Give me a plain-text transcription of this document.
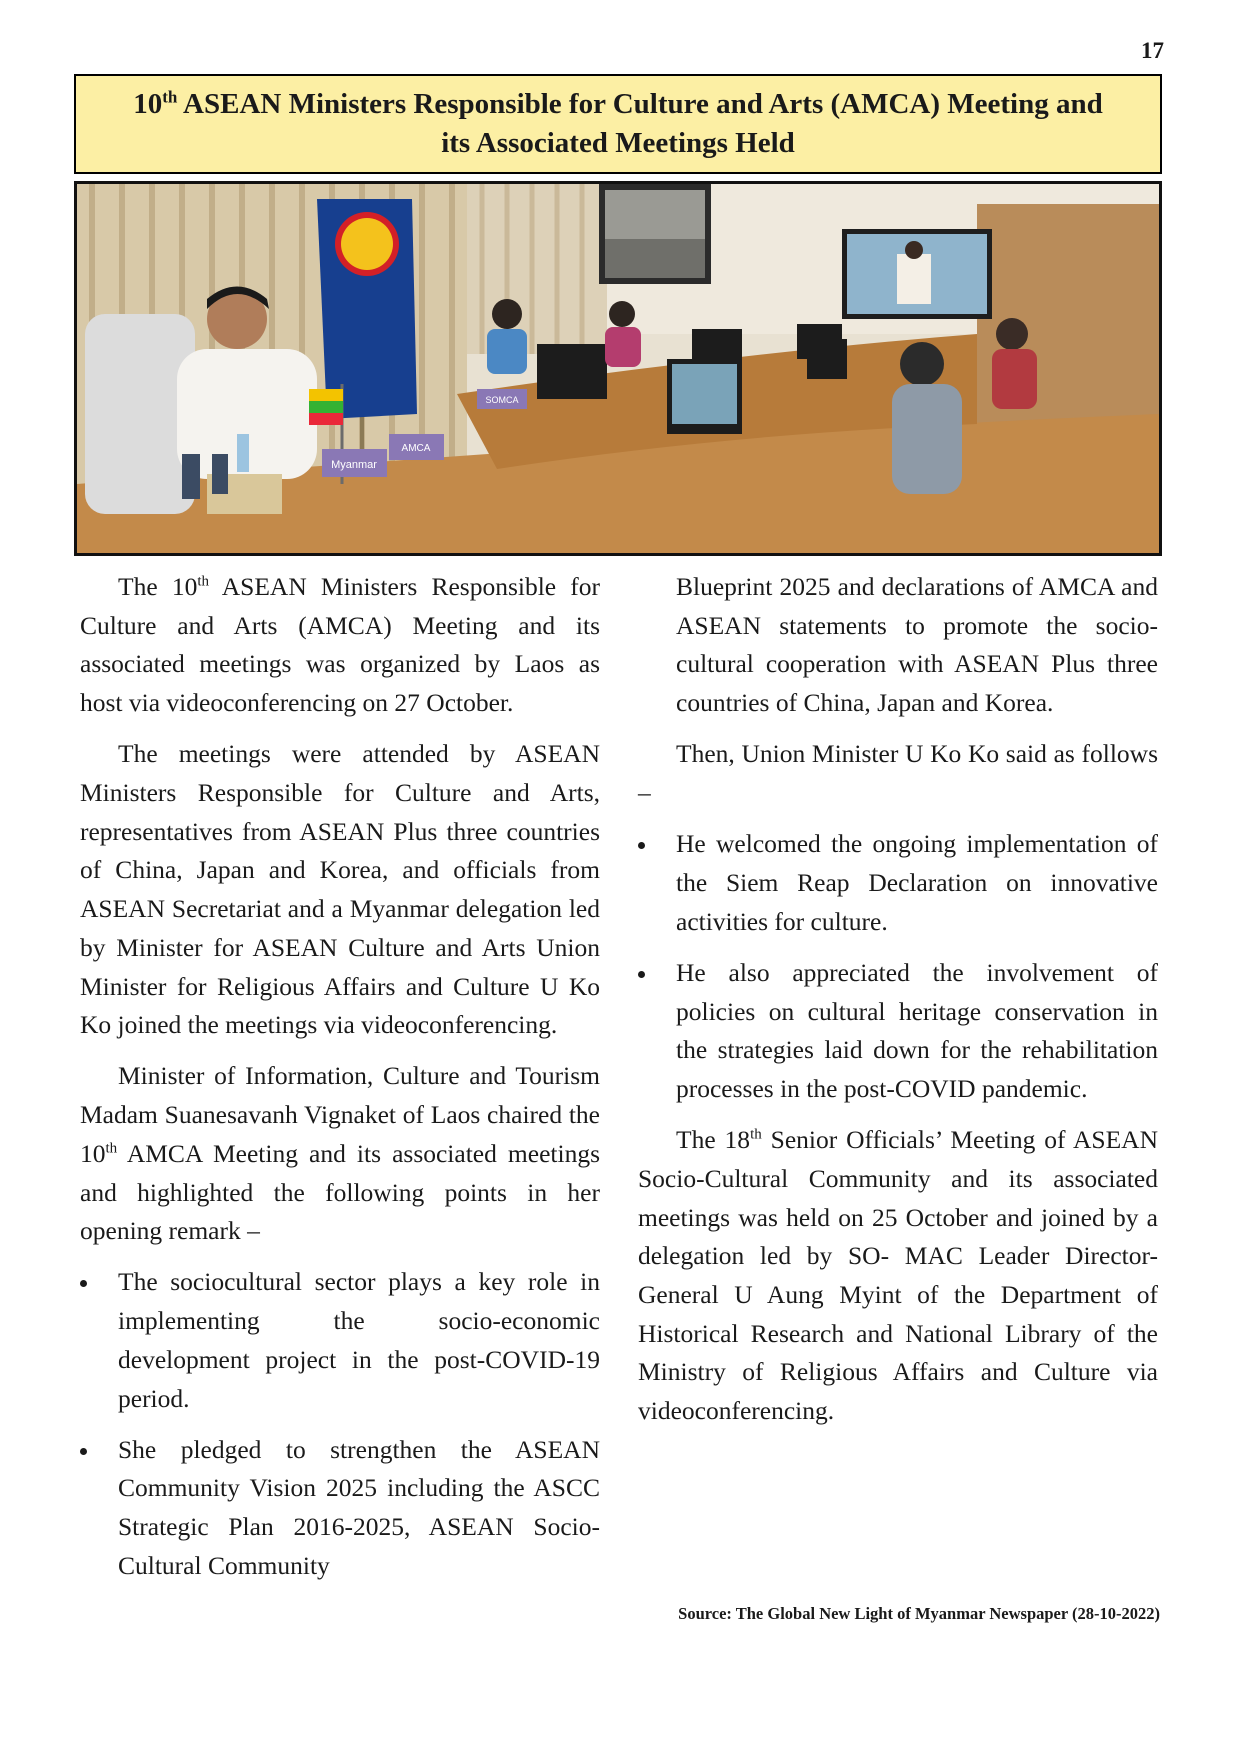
17
10th ASEAN Ministers Responsible for Culture and Arts (AMCA) Meeting and
its Associated Meetings Held
Myanmar
AMCA
SOMCA

The 10th ASEAN Ministers Responsible for Culture and Arts (AMCA) Meeting and its associated meetings was organized by Laos as host via videoconferencing on 27 October.

The meetings were attended by ASEAN Ministers Responsible for Culture and Arts, representatives from ASEAN Plus three countries of China, Japan and Korea, and officials from ASEAN Secretariat and a Myanmar delegation led by Minister for ASEAN Culture and Arts Union Minister for Religious Affairs and Culture U Ko Ko joined the meetings via videoconferencing.

Minister of Information, Culture and Tourism Madam Suanesavanh Vignaket of Laos chaired the 10th AMCA Meeting and its associated meetings and highlighted the following points in her opening remark –

The sociocultural sector plays a key role in implementing the socio-economic development project in the post-COVID-19 period.
She pledged to strengthen the ASEAN Community Vision 2025 including the ASCC Strategic Plan 2016-2025, ASEAN Socio-Cultural Community

Blueprint 2025 and declarations of AMCA and ASEAN statements to promote the socio-cultural cooperation with ASEAN Plus three countries of China, Japan and Korea.

Then, Union Minister U Ko Ko said as follows –

He welcomed the ongoing implementation of the Siem Reap Declaration on innovative activities for culture.
He also appreciated the involvement of policies on cultural heritage conservation in the strategies laid down for the rehabilitation processes in the post-COVID pandemic.

The 18th Senior Officials’ Meeting of ASEAN Socio-Cultural Community and its associated meetings was held on 25 October and joined by a delegation led by SO- MAC Leader Director-General U Aung Myint of the Department of Historical Research and National Library of the Ministry of Religious Affairs and Culture via videoconferencing.

Source: The Global New Light of Myanmar Newspaper (28-10-2022)
